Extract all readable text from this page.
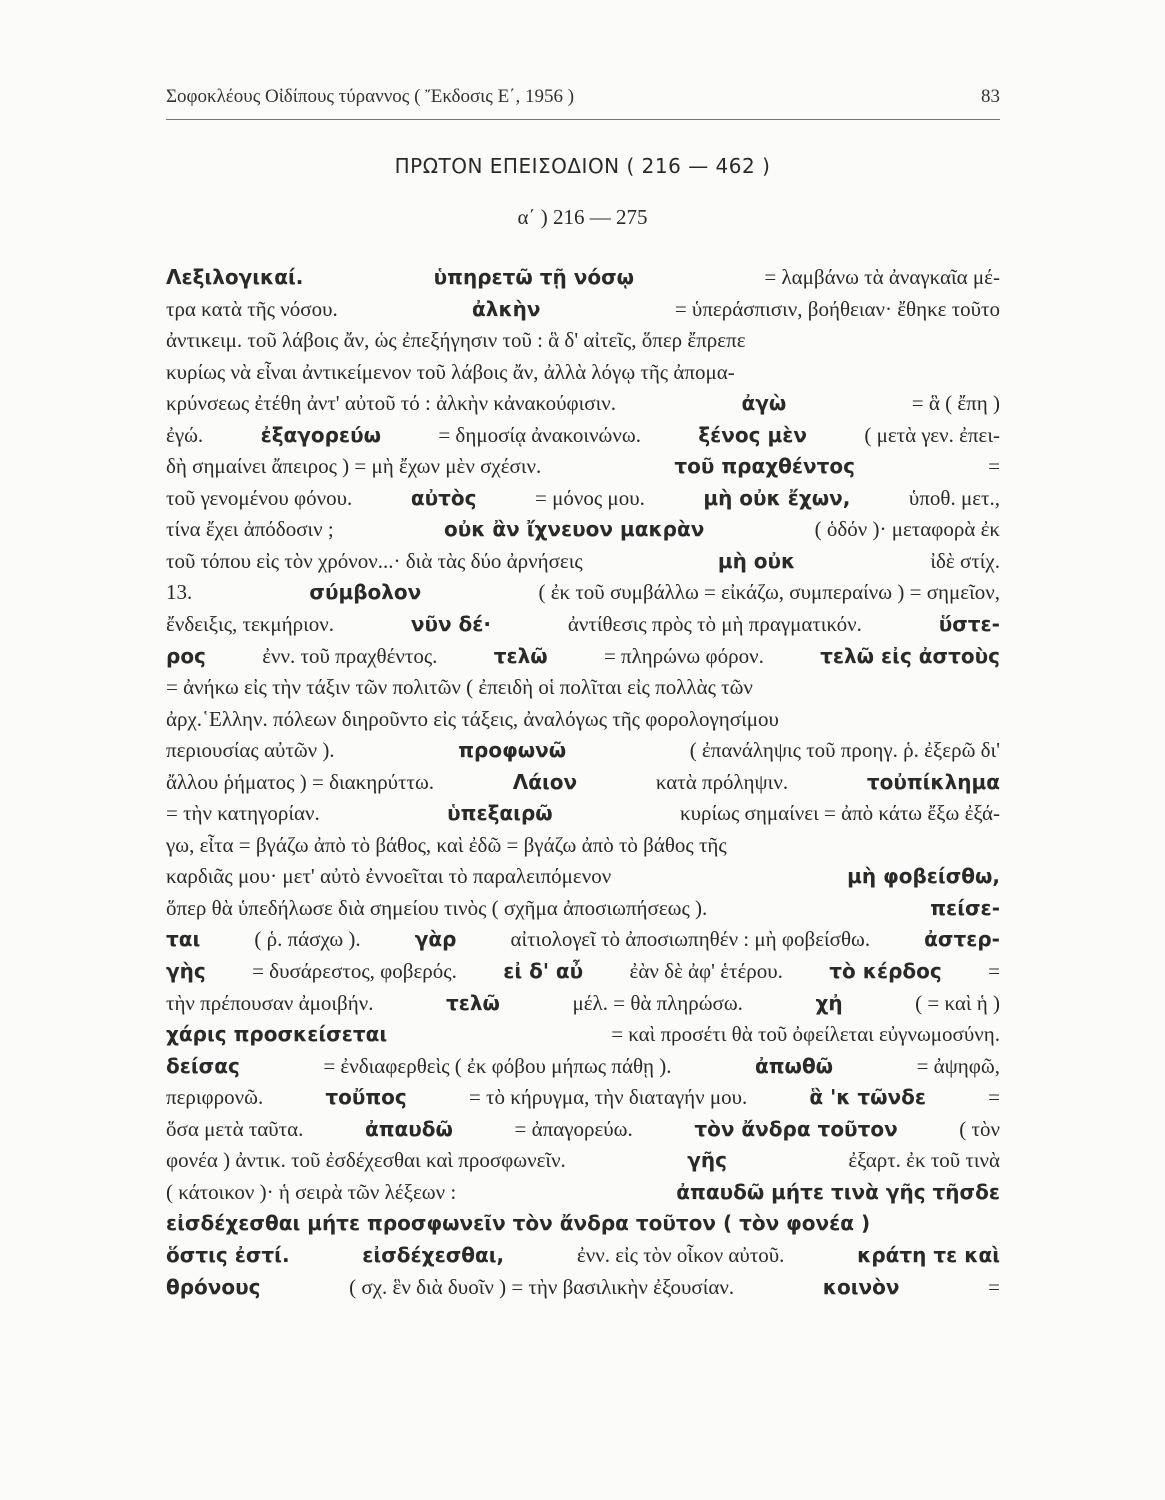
Σοφοκλέους Οἰδίπους τύραννος ( Ἔκδοσις Ε΄, 1956 )	83
ΠΡΩΤΟΝ ΕΠΕΙΣΟΔΙΟΝ ( 216 — 462 )
α΄ ) 216 — 275
Λεξιλογικαί.	ὑπηρετῶ τῇ νόσῳ	= λαμβάνω τὰ ἀναγκαῖα μέ-
τρα κατὰ τῆς νόσου.	ἀλκὴν	= ὑπεράσπισιν, βοήθειαν· ἔθηκε τοῦτο
ἀντικειμ. τοῦ λάβοις ἄν, ὡς ἐπεξήγησιν τοῦ : ἃ δ' αἰτεῖς, ὅπερ ἔπρεπε
κυρίως νὰ εἶναι ἀντικείμενον τοῦ λάβοις ἄν, ἀλλὰ λόγῳ τῆς ἀπομα-
κρύνσεως ἐτέθη ἀντ' αὐτοῦ τό : ἀλκὴν κἀνακούφισιν.	ἀγὼ	= ἃ ( ἔπη )
ἐγώ.	ἐξαγορεύω	= δημοσίᾳ ἀνακοινώνω.	ξένος μὲν	( μετὰ γεν. ἐπει-
δὴ σημαίνει ἄπειρος ) = μὴ ἔχων μὲν σχέσιν.	τοῦ πραχθέντος	=
τοῦ γενομένου φόνου.	αὐτὸς	= μόνος μου.	μὴ οὐκ ἔχων,	ὑποθ. μετ.,
τίνα ἔχει ἀπόδοσιν ;	οὐκ ἂν ἴχνευον μακρὰν	( ὁδόν )· μεταφορὰ ἐκ
τοῦ τόπου εἰς τὸν χρόνον...· διὰ τὰς δύο ἀρνήσεις	μὴ οὐκ	ἰδὲ στίχ.
13.	σύμβολον	( ἐκ τοῦ συμβάλλω = εἰκάζω, συμπεραίνω ) = σημεῖον,
ἔνδειξις, τεκμήριον.	νῦν δέ·	ἀντίθεσις πρὸς τὸ μὴ πραγματικόν.	ὕστε-
ρος	ἐνν. τοῦ πραχθέντος.	τελῶ	= πληρώνω φόρον.	τελῶ εἰς ἀστοὺς
= ἀνήκω εἰς τὴν τάξιν τῶν πολιτῶν ( ἐπειδὴ οἱ πολῖται εἰς πολλὰς τῶν
ἀρχ.῾Ελλην. πόλεων διηροῦντο εἰς τάξεις, ἀναλόγως τῆς φορολογησίμου
περιουσίας αὐτῶν ).	προφωνῶ	( ἐπανάληψις τοῦ προηγ. ῥ. ἐξερῶ δι'
ἄλλου ῥήματος ) = διακηρύττω.	Λάιον	κατὰ πρόληψιν.	τοὐπίκλημα
= τὴν κατηγορίαν.	ὑπεξαιρῶ	κυρίως σημαίνει = ἀπὸ κάτω ἔξω ἐξά-
γω, εἶτα = βγάζω ἀπὸ τὸ βάθος, καὶ ἐδῶ = βγάζω ἀπὸ τὸ βάθος τῆς
καρδιᾶς μου· μετ' αὐτὸ ἐννοεῖται τὸ παραλειπόμενον	μὴ φοβείσθω,
ὅπερ θὰ ὑπεδήλωσε διὰ σημείου τινὸς ( σχῆμα ἀποσιωπήσεως ).	πείσε-
ται	( ῥ. πάσχω ).	γὰρ	αἰτιολογεῖ τὸ ἀποσιωπηθέν : μὴ φοβείσθω.	ἀστερ-
γὴς = δυσάρεστος, φοβερός. εἰ δ' αὖ ἐὰν δὲ ἀφ' ἑτέρου. τὸ κέρδος =
τὴν πρέπουσαν ἀμοιβήν.	τελῶ	μέλ. = θὰ πληρώσω.	χἠ	( = καὶ ἡ )
χάρις προσκείσεται	= καὶ προσέτι θὰ τοῦ ὀφείλεται εὐγνωμοσύνη.
δείσας	= ἐνδιαφερθεὶς ( ἐκ φόβου μήπως πάθῃ ).	ἀπωθῶ	= ἀψηφῶ,
περιφρονῶ.	τοὔπος	= τὸ κήρυγμα, τὴν διαταγήν μου.	ἃ 'κ τῶνδε	=
ὅσα μετὰ ταῦτα.	ἀπαυδῶ	= ἀπαγορεύω.	τὸν ἄνδρα τοῦτον	( τὸν
φονέα ) ἀντικ. τοῦ ἐσδέχεσθαι καὶ προσφωνεῖν.	γῆς	ἐξαρτ. ἐκ τοῦ τινὰ
( κάτοικον )· ἡ σειρὰ τῶν λέξεων :	ἀπαυδῶ μήτε τινὰ γῆς τῆσδε
εἰσδέχεσθαι μήτε προσφωνεῖν τὸν ἄνδρα τοῦτον ( τὸν φονέα )
ὅστις ἐστί.	εἰσδέχεσθαι,	ἐνν. εἰς τὸν οἶκον αὐτοῦ.	κράτη τε καὶ
θρόνους	( σχ. ἓν διὰ δυοῖν ) = τὴν βασιλικὴν ἐξουσίαν.	κοινὸν	=
